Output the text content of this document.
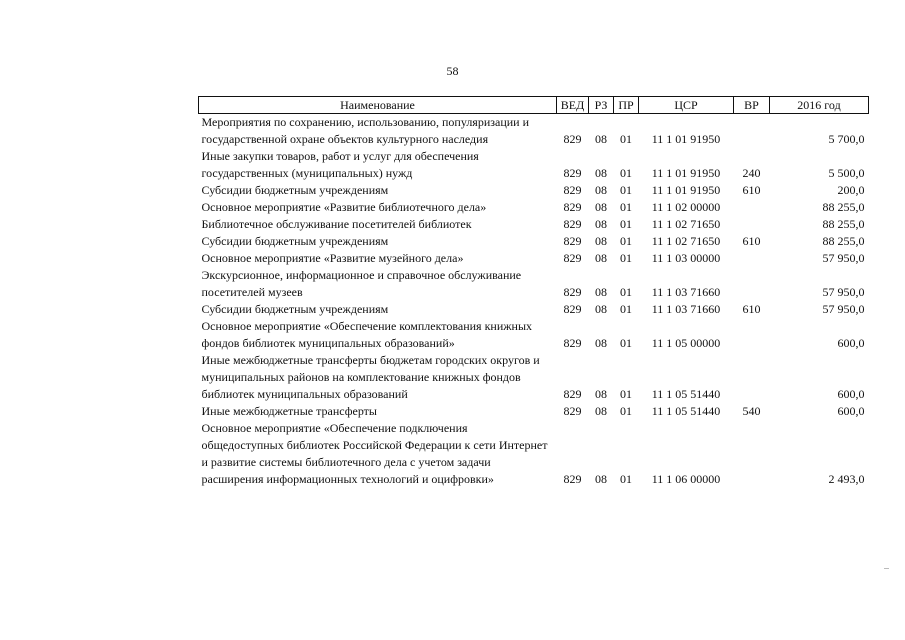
58
Наименование	ВЕД	РЗ	ПР	ЦСР	ВР	2016 год
Мероприятия по сохранению, использованию, популяризации и государственной охране объектов культурного наследия	829	08	01	11 1 01 91950		5 700,0
Иные закупки товаров, работ и услуг для обеспечения государственных (муниципальных) нужд	829	08	01	11 1 01 91950	240	5 500,0
Субсидии бюджетным учреждениям	829	08	01	11 1 01 91950	610	200,0
Основное мероприятие «Развитие библиотечного дела»	829	08	01	11 1 02 00000		88 255,0
Библиотечное обслуживание посетителей библиотек	829	08	01	11 1 02 71650		88 255,0
Субсидии бюджетным учреждениям	829	08	01	11 1 02 71650	610	88 255,0
Основное мероприятие «Развитие музейного дела»	829	08	01	11 1 03 00000		57 950,0
Экскурсионное, информационное и справочное обслуживание посетителей музеев	829	08	01	11 1 03 71660		57 950,0
Субсидии бюджетным учреждениям	829	08	01	11 1 03 71660	610	57 950,0
Основное мероприятие «Обеспечение комплектования книжных фондов библиотек муниципальных образований»	829	08	01	11 1 05 00000		600,0
Иные межбюджетные трансферты бюджетам городских округов и муниципальных районов на комплектование книжных фондов библиотек муниципальных образований	829	08	01	11 1 05 51440		600,0
Иные межбюджетные трансферты	829	08	01	11 1 05 51440	540	600,0
Основное мероприятие «Обеспечение подключения общедоступных библиотек Российской Федерации к сети Интернет и развитие системы библиотечного дела с учетом задачи расширения информационных технологий и оцифровки»	829	08	01	11 1 06 00000		2 493,0
